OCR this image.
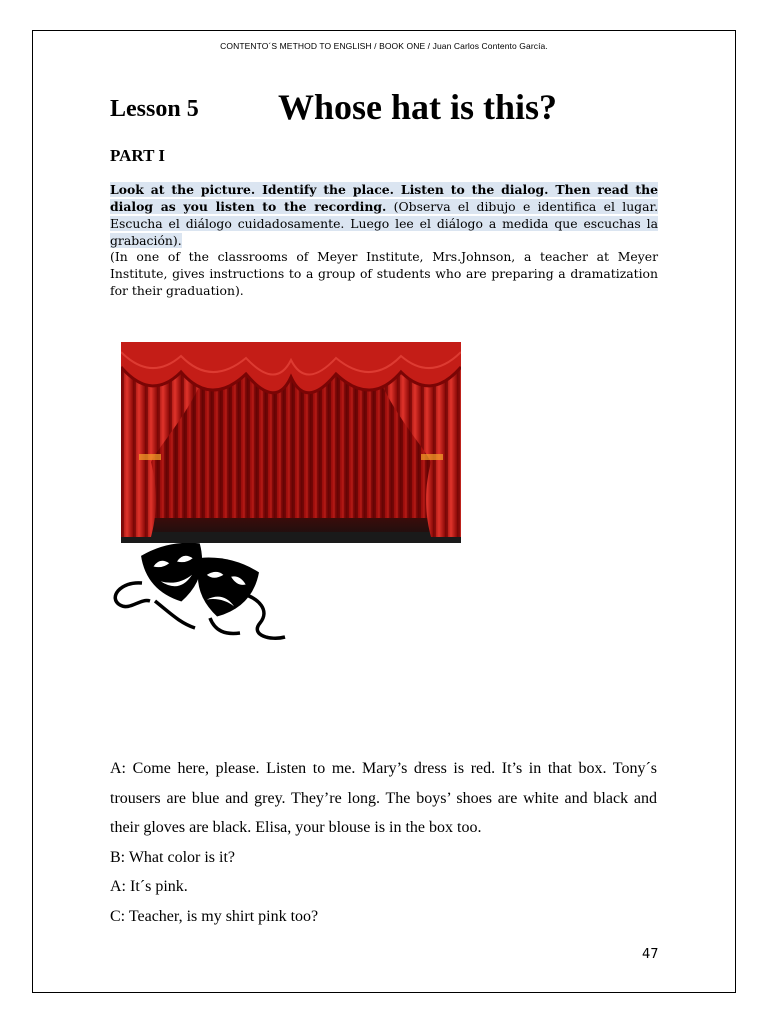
CONTENTO´S METHOD TO ENGLISH / BOOK ONE / Juan Carlos Contento García.
Lesson 5 Whose hat is this?
PART I
Look at the picture. Identify the place. Listen to the dialog. Then read the dialog as you listen to the recording. (Observa el dibujo e identifica el lugar. Escucha el diálogo cuidadosamente. Luego lee el diálogo a medida que escuchas la grabación).
(In one of the classrooms of Meyer Institute, Mrs.Johnson, a teacher at Meyer Institute, gives instructions to a group of students who are preparing a dramatization for their graduation).

A: Come here, please. Listen to me. Mary’s dress is red. It’s in that box. Tony´s trousers are blue and grey. They’re long. The boys’ shoes are white and black and their gloves are black. Elisa, your blouse is in the box too.

B: What color is it?

A: It´s pink.

C: Teacher, is my shirt pink too?

47
